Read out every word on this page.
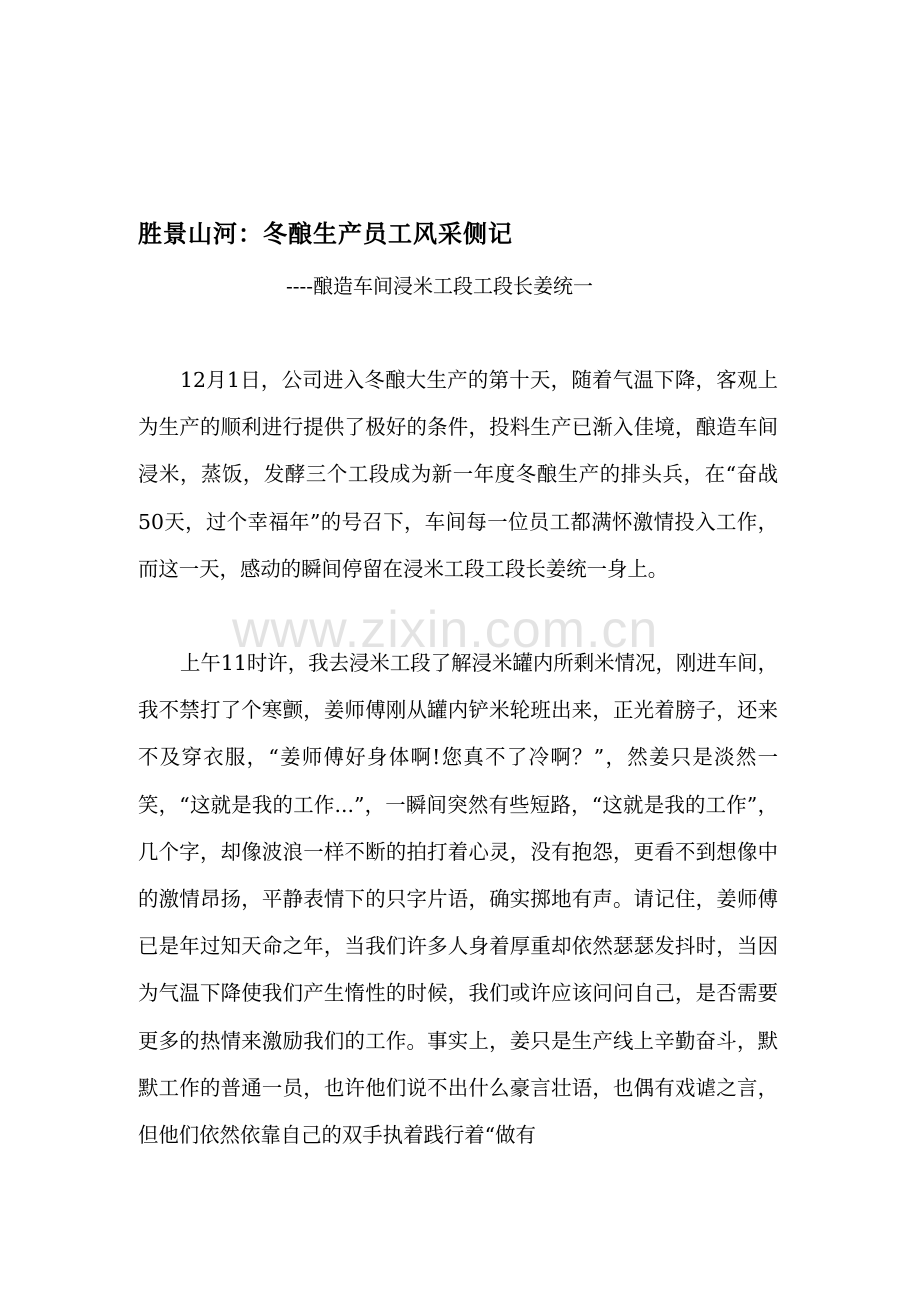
胜景山河：冬酿生产员工风采侧记
----酿造车间浸米工段工段长姜统一

12月1日，公司进入冬酿大生产的第十天，随着气温下降，客观上为生产的顺利进行提供了极好的条件，投料生产已渐入佳境，酿造车间浸米，蒸饭，发酵三个工段成为新一年度冬酿生产的排头兵，在“奋战50天，过个幸福年”的号召下，车间每一位员工都满怀激情投入工作，而这一天，感动的瞬间停留在浸米工段工段长姜统一身上。

上午11时许，我去浸米工段了解浸米罐内所剩米情况，刚进车间，我不禁打了个寒颤，姜师傅刚从罐内铲米轮班出来，正光着膀子，还来不及穿衣服，“姜师傅好身体啊!您真不了冷啊？”，然姜只是淡然一笑，“这就是我的工作...”，一瞬间突然有些短路，“这就是我的工作”，几个字，却像波浪一样不断的拍打着心灵，没有抱怨，更看不到想像中的激情昂扬，平静表情下的只字片语，确实掷地有声。请记住，姜师傅已是年过知天命之年，当我们许多人身着厚重却依然瑟瑟发抖时，当因为气温下降使我们产生惰性的时候，我们或许应该问问自己，是否需要更多的热情来激励我们的工作。事实上，姜只是生产线上辛勤奋斗，默默工作的普通一员，也许他们说不出什么豪言壮语，也偶有戏谑之言，但他们依然依靠自己的双手执着践行着“做有

www.zixin.com.cn
